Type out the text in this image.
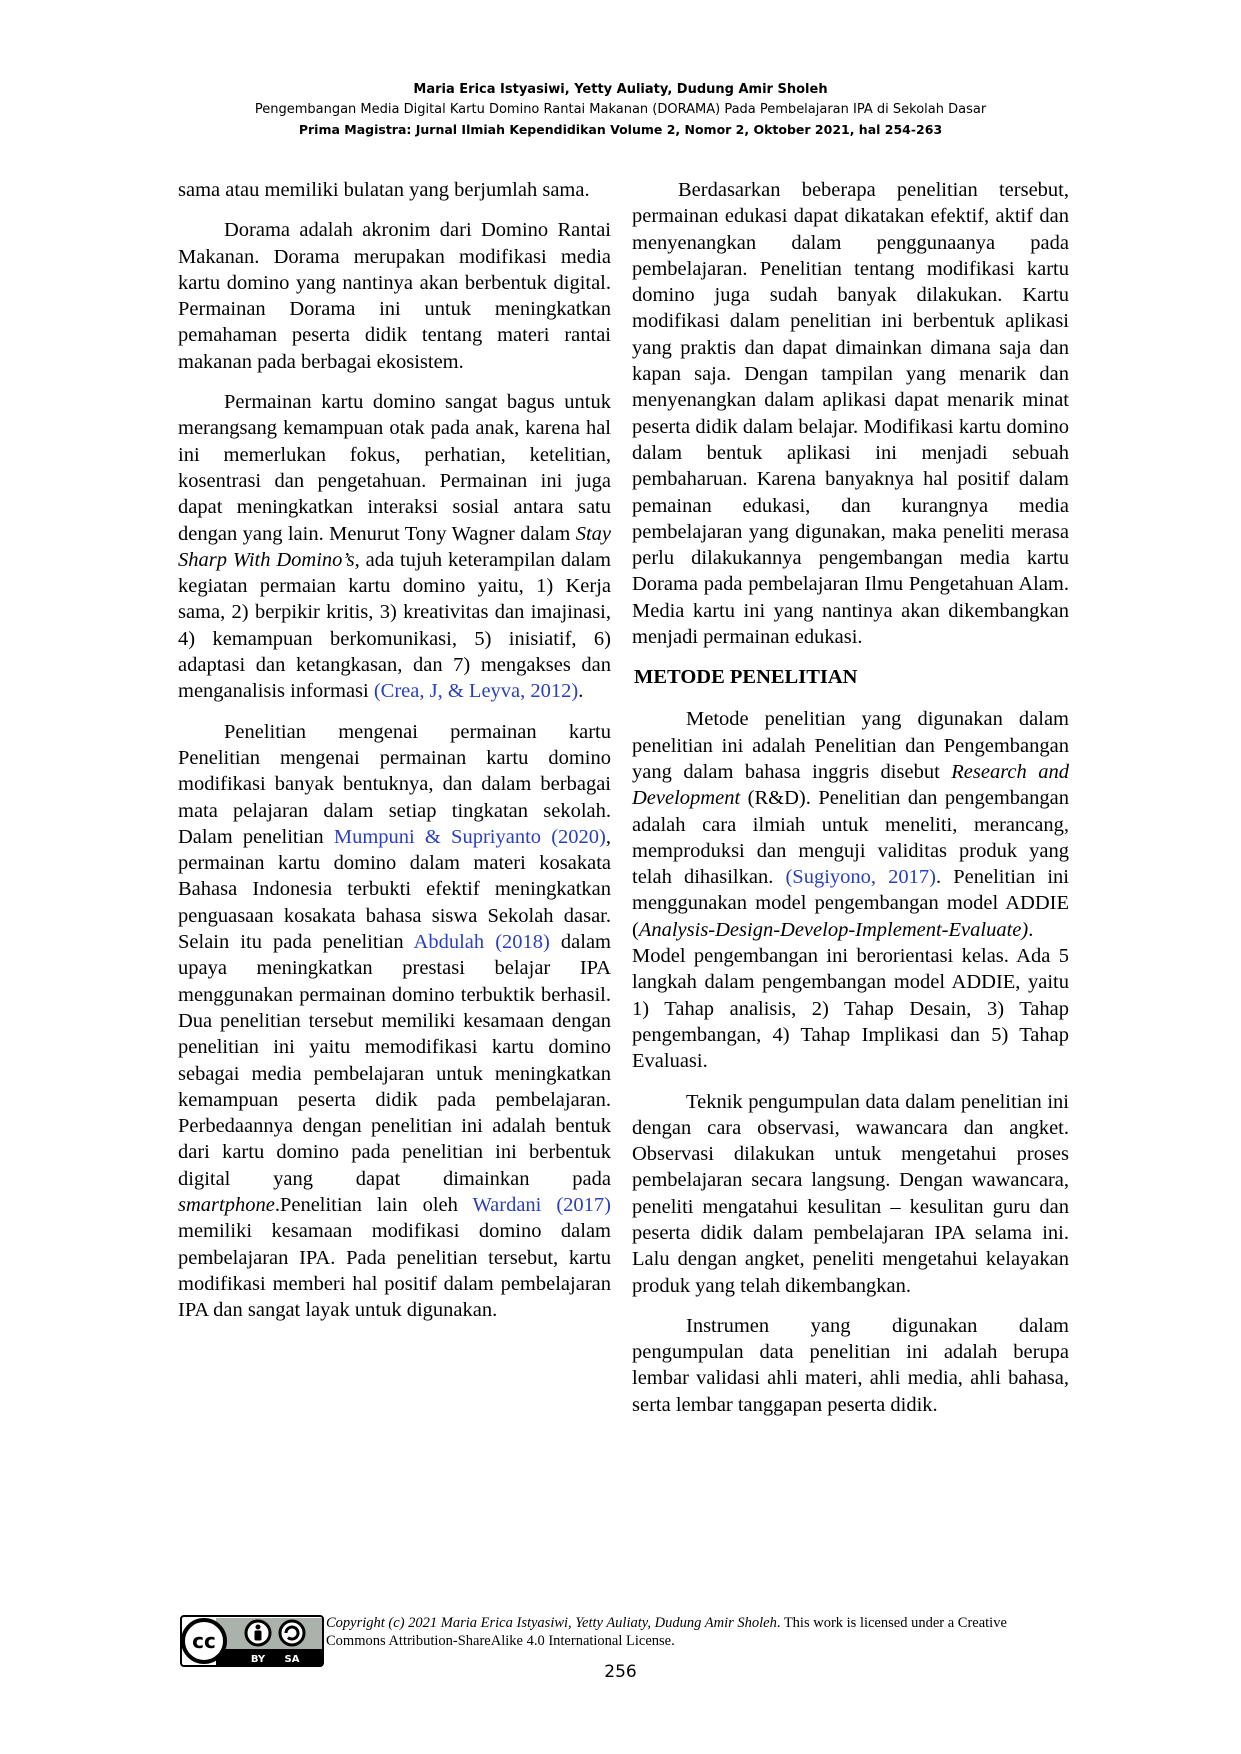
Maria Erica Istyasiwi, Yetty Auliaty, Dudung Amir Sholeh
Pengembangan Media Digital Kartu Domino Rantai Makanan (DORAMA) Pada Pembelajaran IPA di Sekolah Dasar
Prima Magistra: Jurnal Ilmiah Kependidikan Volume 2, Nomor 2, Oktober 2021, hal 254-263

sama atau memiliki bulatan yang berjumlah sama.

Dorama adalah akronim dari Domino Rantai Makanan. Dorama merupakan modifikasi media kartu domino yang nantinya akan berbentuk digital. Permainan Dorama ini untuk meningkatkan pemahaman peserta didik tentang materi rantai makanan pada berbagai ekosistem.

Permainan kartu domino sangat bagus untuk merangsang kemampuan otak pada anak, karena hal ini memerlukan fokus, perhatian, ketelitian, kosentrasi dan pengetahuan. Permainan ini juga dapat meningkatkan interaksi sosial antara satu dengan yang lain. Menurut Tony Wagner dalam Stay Sharp With Domino’s, ada tujuh keterampilan dalam kegiatan permaian kartu domino yaitu, 1) Kerja sama, 2) berpikir kritis, 3) kreativitas dan imajinasi, 4) kemampuan berkomunikasi, 5) inisiatif, 6) adaptasi dan ketangkasan, dan 7) mengakses dan menganalisis informasi (Crea, J, & Leyva, 2012).

Penelitian mengenai permainan kartu Penelitian mengenai permainan kartu domino modifikasi banyak bentuknya, dan dalam berbagai mata pelajaran dalam setiap tingkatan sekolah. Dalam penelitian Mumpuni & Supriyanto (2020), permainan kartu domino dalam materi kosakata Bahasa Indonesia terbukti efektif meningkatkan penguasaan kosakata bahasa siswa Sekolah dasar. Selain itu pada penelitian Abdulah (2018) dalam upaya meningkatkan prestasi belajar IPA menggunakan permainan domino terbuktik berhasil. Dua penelitian tersebut memiliki kesamaan dengan penelitian ini yaitu memodifikasi kartu domino sebagai media pembelajaran untuk meningkatkan kemampuan peserta didik pada pembelajaran. Perbedaannya dengan penelitian ini adalah bentuk dari kartu domino pada penelitian ini berbentuk digital yang dapat dimainkan pada smartphone.Penelitian lain oleh Wardani (2017) memiliki kesamaan modifikasi domino dalam pembelajaran IPA. Pada penelitian tersebut, kartu modifikasi memberi hal positif dalam pembelajaran IPA dan sangat layak untuk digunakan.

Berdasarkan beberapa penelitian tersebut, permainan edukasi dapat dikatakan efektif, aktif dan menyenangkan dalam penggunaanya pada pembelajaran. Penelitian tentang modifikasi kartu domino juga sudah banyak dilakukan. Kartu modifikasi dalam penelitian ini berbentuk aplikasi yang praktis dan dapat dimainkan dimana saja dan kapan saja. Dengan tampilan yang menarik dan menyenangkan dalam aplikasi dapat menarik minat peserta didik dalam belajar. Modifikasi kartu domino dalam bentuk aplikasi ini menjadi sebuah pembaharuan. Karena banyaknya hal positif dalam pemainan edukasi, dan kurangnya media pembelajaran yang digunakan, maka peneliti merasa perlu dilakukannya pengembangan media kartu Dorama pada pembelajaran Ilmu Pengetahuan Alam. Media kartu ini yang nantinya akan dikembangkan menjadi permainan edukasi.

METODE PENELITIAN

Metode penelitian yang digunakan dalam penelitian ini adalah Penelitian dan Pengembangan yang dalam bahasa inggris disebut Research and Development (R&D). Penelitian dan pengembangan adalah cara ilmiah untuk meneliti, merancang, memproduksi dan menguji validitas produk yang telah dihasilkan. (Sugiyono, 2017). Penelitian ini menggunakan model pengembangan model ADDIE (Analysis-Design-Develop-Implement-Evaluate). Model pengembangan ini berorientasi kelas. Ada 5 langkah dalam pengembangan model ADDIE, yaitu 1) Tahap analisis, 2) Tahap Desain, 3) Tahap pengembangan, 4) Tahap Implikasi dan 5) Tahap Evaluasi.

Teknik pengumpulan data dalam penelitian ini dengan cara observasi, wawancara dan angket. Observasi dilakukan untuk mengetahui proses pembelajaran secara langsung. Dengan wawancara, peneliti mengatahui kesulitan – kesulitan guru dan peserta didik dalam pembelajaran IPA selama ini. Lalu dengan angket, peneliti mengetahui kelayakan produk yang telah dikembangkan.

Instrumen yang digunakan dalam pengumpulan data penelitian ini adalah berupa lembar validasi ahli materi, ahli media, ahli bahasa, serta lembar tanggapan peserta didik.

cc
BY SA
Copyright (c) 2021 Maria Erica Istyasiwi, Yetty Auliaty, Dudung Amir Sholeh. This work is licensed under a Creative Commons Attribution-ShareAlike 4.0 International License.
256
